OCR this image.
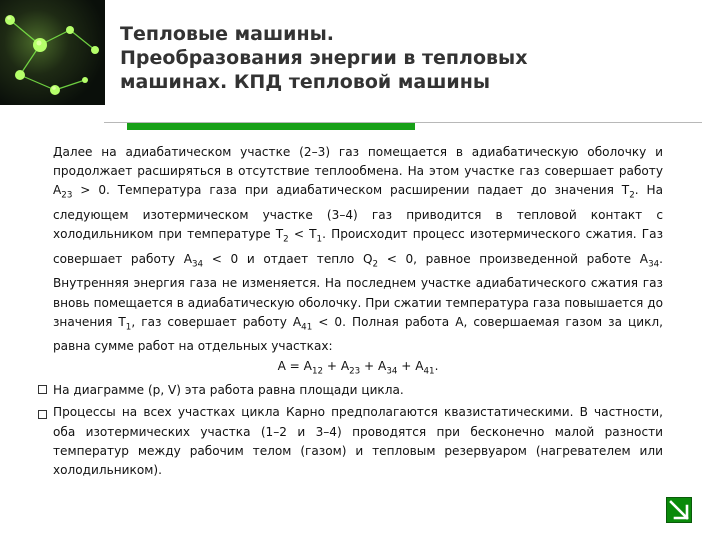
Тепловые машины.
Преобразования энергии в тепловых
машинах. КПД тепловой машины

Далее на адиабатическом участке (2–3) газ помещается в адиабатическую оболочку и продолжает расширяться в отсутствие теплообмена. На этом участке газ совершает работу $A_{23} > 0$. Температура газа при адиабатическом расширении падает до значения $T_2$. На следующем изотермическом участке (3–4) газ приводится в тепловой контакт с холодильником при температуре $T_2 < T_1$. Происходит процесс изотермического сжатия. Газ совершает работу $A_{34} < 0$ и отдает тепло $Q_2 < 0$, равное произведенной работе $A_{34}$. Внутренняя энергия газа не изменяется. На последнем участке адиабатического сжатия газ вновь помещается в адиабатическую оболочку. При сжатии температура газа повышается до значения $T_1$, газ совершает работу $A_{41} < 0$. Полная работа A, совершаемая газом за цикл, равна сумме работ на отдельных участках:

$A = A_{12} + A_{23} + A_{34} + A_{41}$.

На диаграмме (p, V) эта работа равна площади цикла.

Процессы на всех участках цикла Карно предполагаются квазистатическими. В частности, оба изотермических участка (1–2 и 3–4) проводятся при бесконечно малой разности температур между рабочим телом (газом) и тепловым резервуаром (нагревателем или холодильником).
